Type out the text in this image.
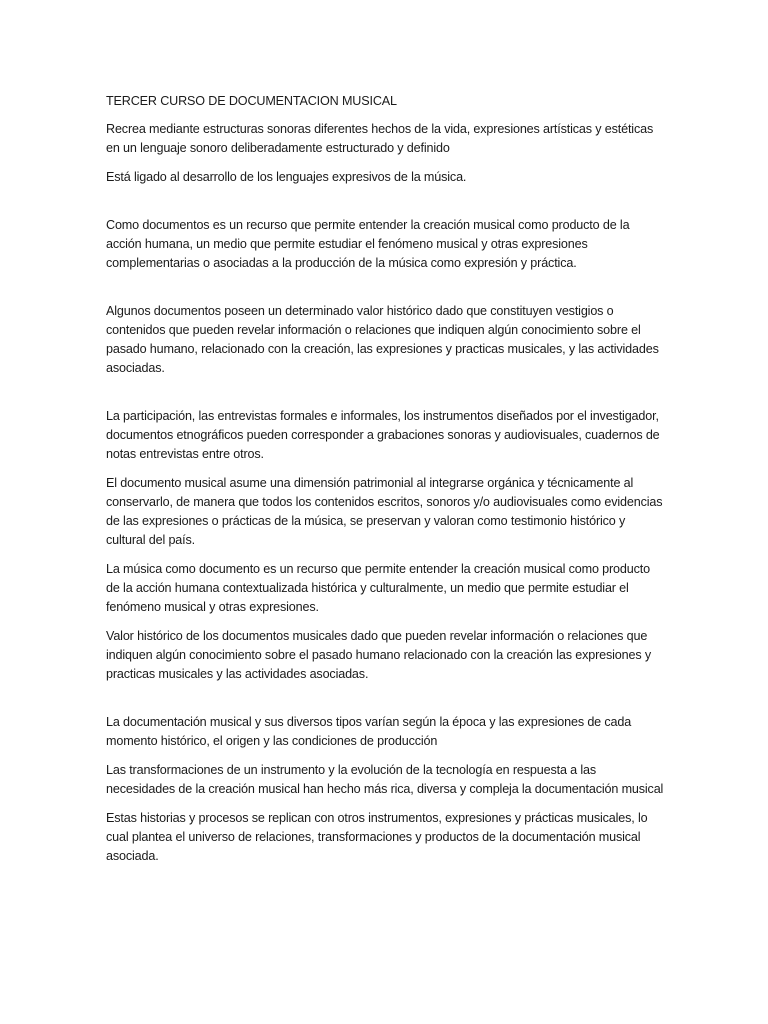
TERCER CURSO DE DOCUMENTACION MUSICAL

Recrea mediante estructuras sonoras diferentes hechos de la vida, expresiones artísticas y estéticas en un lenguaje sonoro deliberadamente estructurado y definido

Está ligado al desarrollo de los lenguajes expresivos de la música.

Como documentos es un recurso que permite entender la creación musical como producto de la acción humana, un medio que permite estudiar el fenómeno musical y otras expresiones complementarias o asociadas a la producción de la música como expresión y práctica.

Algunos documentos poseen un determinado valor histórico dado que constituyen vestigios o contenidos que pueden revelar información o relaciones que indiquen algún conocimiento sobre el pasado humano, relacionado con la creación, las expresiones y practicas musicales, y las actividades asociadas.

La participación, las entrevistas formales e informales, los instrumentos diseñados por el investigador, documentos etnográficos pueden corresponder a grabaciones sonoras y audiovisuales, cuadernos de notas entrevistas entre otros.

El documento musical asume una dimensión patrimonial al integrarse orgánica y técnicamente al conservarlo, de manera que todos los contenidos escritos, sonoros y/o audiovisuales como evidencias de las expresiones o prácticas de la música, se preservan y valoran como testimonio histórico y cultural del país.

La música como documento es un recurso que permite entender la creación musical como producto de la acción humana contextualizada histórica y culturalmente, un medio que permite estudiar el fenómeno musical y otras expresiones.

Valor histórico de los documentos musicales dado que pueden revelar información o relaciones que indiquen algún conocimiento sobre el pasado humano relacionado con la creación las expresiones y practicas musicales y las actividades asociadas.

La documentación musical y sus diversos tipos varían según la época y las expresiones de cada momento histórico, el origen y las condiciones de producción

Las transformaciones de un instrumento y la evolución de la tecnología en respuesta a las necesidades de la creación musical han hecho más rica, diversa y compleja la documentación musical

Estas historias y procesos se replican con otros instrumentos, expresiones y prácticas musicales, lo cual plantea el universo de relaciones, transformaciones y productos de la documentación musical asociada.
